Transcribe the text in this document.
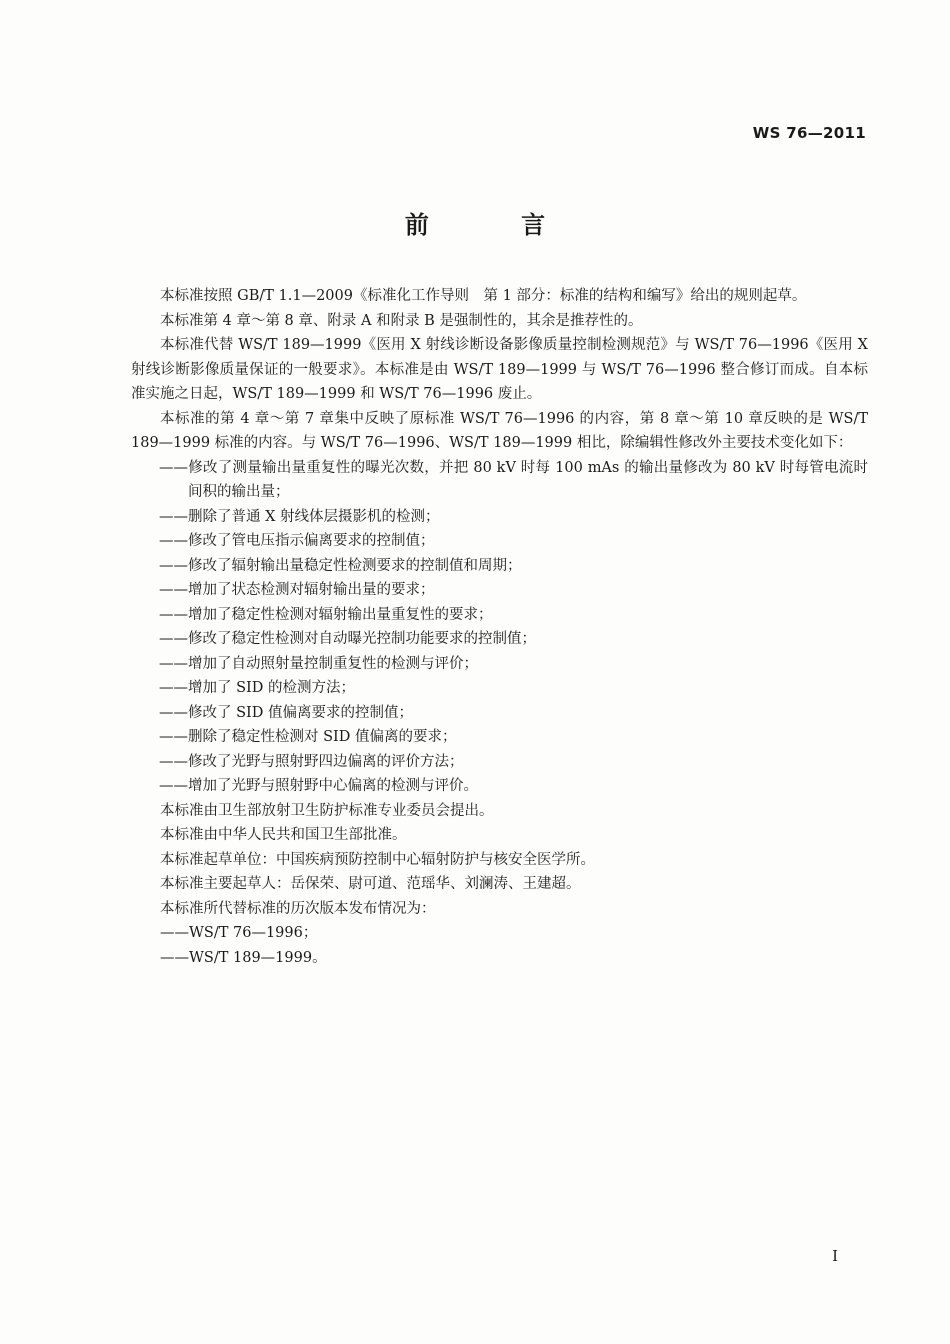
WS 76—2011
前 言

本标准按照 GB/T 1.1—2009《标准化工作导则　第 1 部分：标准的结构和编写》给出的规则起草。

本标准第 4 章～第 8 章、附录 A 和附录 B 是强制性的，其余是推荐性的。

本标准代替 WS/T 189—1999《医用 X 射线诊断设备影像质量控制检测规范》与 WS/T 76—1996《医用 X 射线诊断影像质量保证的一般要求》。本标准是由 WS/T 189—1999 与 WS/T 76—1996 整合修订而成。自本标准实施之日起，WS/T 189—1999 和 WS/T 76—1996 废止。

本标准的第 4 章～第 7 章集中反映了原标准 WS/T 76—1996 的内容，第 8 章～第 10 章反映的是 WS/T 189—1999 标准的内容。与 WS/T 76—1996、WS/T 189—1999 相比，除编辑性修改外主要技术变化如下：

——修改了测量输出量重复性的曝光次数，并把 80 kV 时每 100 mAs 的输出量修改为 80 kV 时每管电流时间积的输出量；

——删除了普通 X 射线体层摄影机的检测；

——修改了管电压指示偏离要求的控制值；

——修改了辐射输出量稳定性检测要求的控制值和周期；

——增加了状态检测对辐射输出量的要求；

——增加了稳定性检测对辐射输出量重复性的要求；

——修改了稳定性检测对自动曝光控制功能要求的控制值；

——增加了自动照射量控制重复性的检测与评价；

——增加了 SID 的检测方法；

——修改了 SID 值偏离要求的控制值；

——删除了稳定性检测对 SID 值偏离的要求；

——修改了光野与照射野四边偏离的评价方法；

——增加了光野与照射野中心偏离的检测与评价。

本标准由卫生部放射卫生防护标准专业委员会提出。

本标准由中华人民共和国卫生部批准。

本标准起草单位：中国疾病预防控制中心辐射防护与核安全医学所。

本标准主要起草人：岳保荣、尉可道、范瑶华、刘澜涛、王建超。

本标准所代替标准的历次版本发布情况为：

——WS/T 76—1996；

——WS/T 189—1999。

I
